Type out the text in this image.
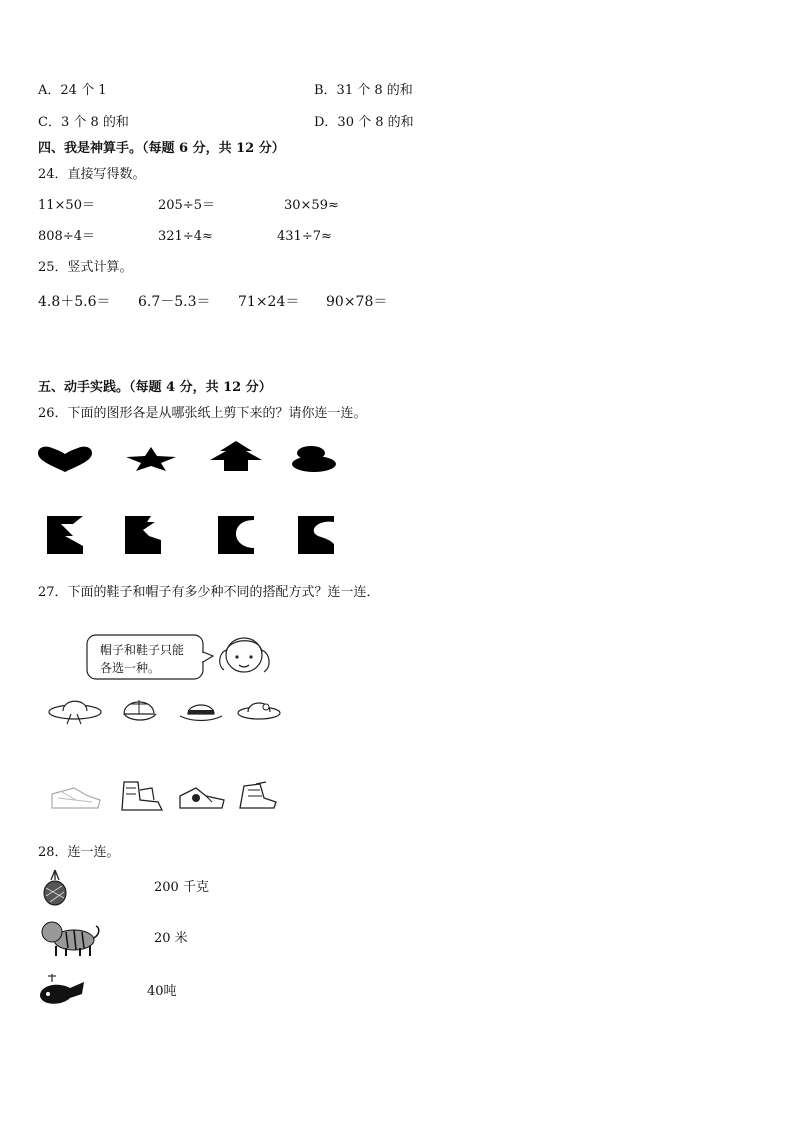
A．24 个 1	B．31 个 8 的和
C．3 个 8 的和	D．30 个 8 的和
四、我是神算手。（每题 6 分，共 12 分）
24．直接写得数。
11×50＝	205÷5＝	30×59≈
808÷4＝	321÷4≈	431÷7≈
25．竖式计算。
4.8＋5.6＝ 6.7－5.3＝ 71×24＝ 90×78＝
五、动手实践。（每题 4 分，共 12 分）
26．下面的图形各是从哪张纸上剪下来的？请你连一连。
27．下面的鞋子和帽子有多少种不同的搭配方式？连一连．
帽子和鞋子只能
各选一种。
28．连一连。
200 千克
20 米
40吨
